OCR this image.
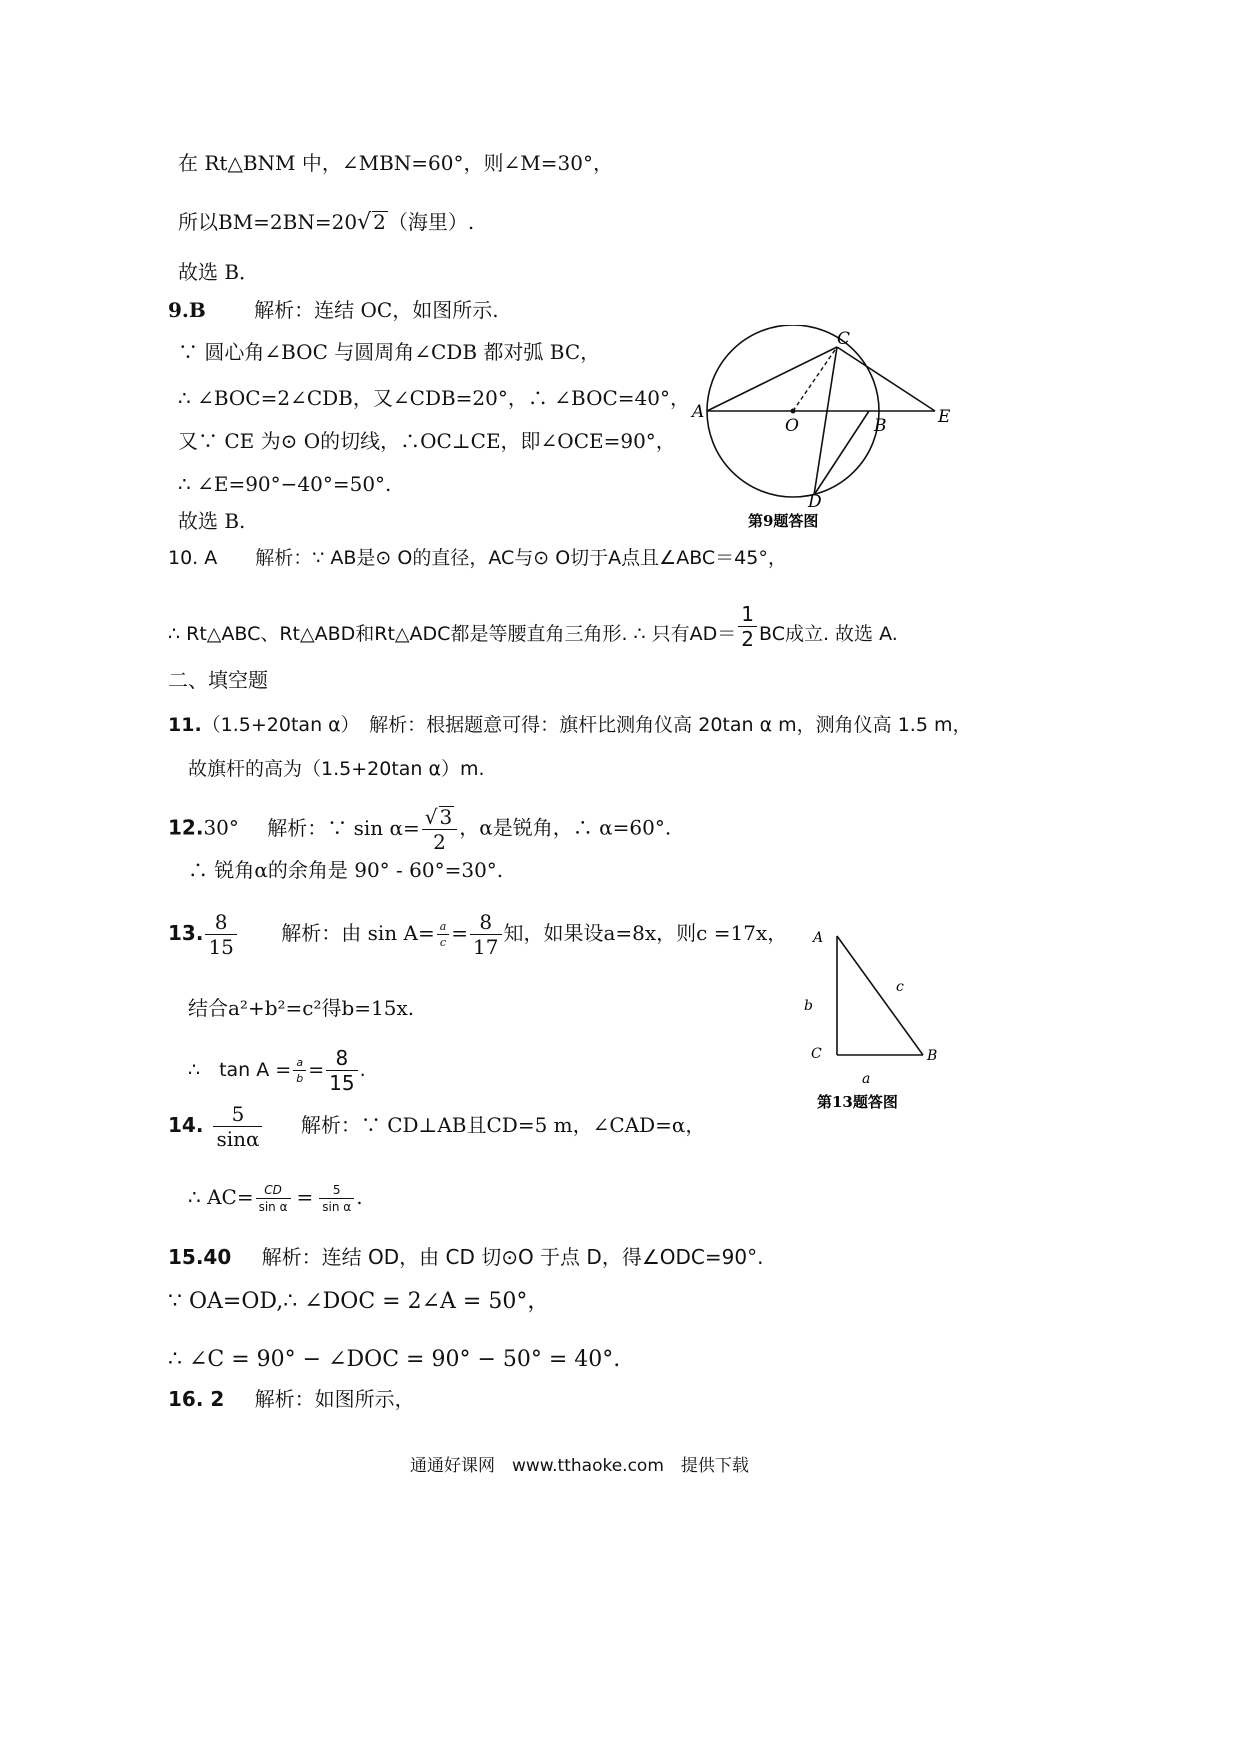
在 Rt△BNM 中，∠MBN=60°，则∠M=30°，
所以BM=2BN=20√ 2 （海里）.
故选 B．
9.B 解析：连结 OC，如图所示.
∵ 圆心角∠BOC 与圆周角∠CDB 都对弧 BC，
∴ ∠BOC=2∠CDB，又∠CDB=20°，∴ ∠BOC=40°，
又∵ CE 为⊙ O的切线，∴OC⊥CE，即∠OCE=90°，
∴ ∠E=90°−40°=50°.
故选 B.
A
C
O	B	E
D
第9题答图
10. A　　解析：∵ AB是⊙ O的直径，AC与⊙ O切于A点且∠ABC＝45°，
∴ Rt△ABC、Rt△ABD和Rt△ADC都是等腰直角三角形. ∴ 只有$AD= \frac{1}{2}$ BC成立. 故选 A.
二、填空题
11.（1.5+20tan α）　解析：根据题意可得：旗杆比测角仪高 20tan α m，测角仪高 1.5 m，
故旗杆的高为（1.5+20tan α）m.
12.30° 解析：∵ $\sin \alpha= \frac{√ 3}{2}$ ，α是锐角，∴ α=60°.
∴ 锐角α的余角是 90° - 60°=30°.
13. $\frac{8}{15}$ 解析：由 $\sin A= \frac{a}{c} = \frac{8}{17}$ 知，如果设a=8x，则c =17x，
结合a²+b²=c²得b=15x.
∴　$\tan A = \frac{a}{b} = \frac{8}{15}$ .
A
C	B
b
c
a
第13题答图
14. $\frac{5}{\sin\alpha}$ 解析：∵ CD⊥AB且CD=5 m，∠CAD=α，
∴ $AC= \frac{CD}{\text{sin α}} = \frac{5}{\text{sin α}}$ .
15.40 解析：连结 OD，由 CD 切⊙O 于点 D，得∠ODC=90°.
∵ OA=OD,∴ ∠DOC = 2∠A = 50°，
∴ ∠C = 90° − ∠DOC = 90° − 50° = 40°.
16. 2 解析：如图所示，
通通好课网　www.tthaoke.com　提供下载
